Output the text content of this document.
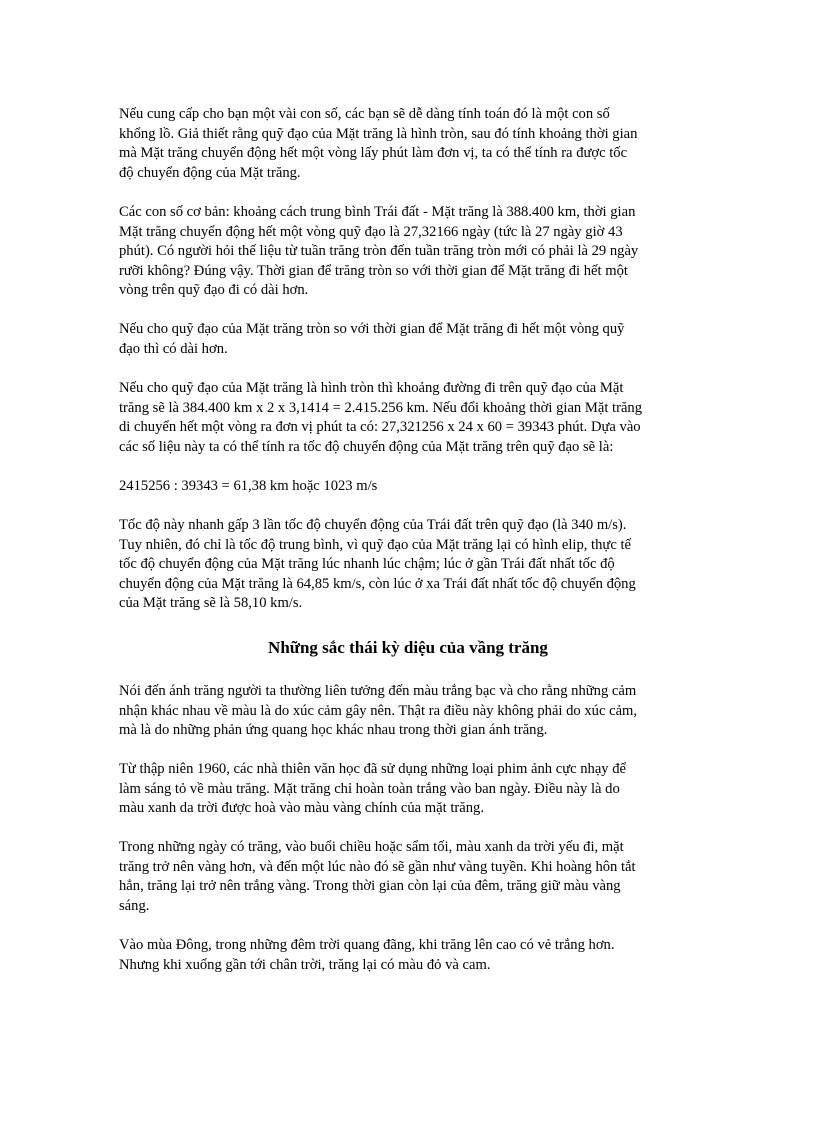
Nếu cung cấp cho bạn một vài con số, các bạn sẽ dễ dàng tính toán đó là một con số
khổng lồ. Giả thiết rằng quỹ đạo của Mặt trăng là hình tròn, sau đó tính khoảng thời gian
mà Mặt trăng chuyển động hết một vòng lấy phút làm đơn vị, ta có thể tính ra được tốc
độ chuyển động của Mặt trăng.
Các con số cơ bản: khoảng cách trung bình Trái đất - Mặt trăng là 388.400 km, thời gian
Mặt trăng chuyển động hết một vòng quỹ đạo là 27,32166 ngày (tức là 27 ngày giờ 43
phút). Có người hỏi thế liệu từ tuần trăng tròn đến tuần trăng tròn mới có phải là 29 ngày
rưỡi không? Đúng vậy. Thời gian để trăng tròn so với thời gian để Mặt trăng đi hết một
vòng trên quỹ đạo đi có dài hơn.
Nếu cho quỹ đạo của Mặt trăng tròn so với thời gian để Mặt trăng đi hết một vòng quỹ
đạo thì có dài hơn.
Nếu cho quỹ đạo của Mặt trăng là hình tròn thì khoảng đường đi trên quỹ đạo của Mặt
trăng sẽ là 384.400 km x 2 x 3,1414 = 2.415.256 km. Nếu đổi khoảng thời gian Mặt trăng
di chuyển hết một vòng ra đơn vị phút ta có: 27,321256 x 24 x 60 = 39343 phút. Dựa vào
các số liệu này ta có thể tính ra tốc độ chuyển động của Mặt trăng trên quỹ đạo sẽ là:
2415256 : 39343 = 61,38 km hoặc 1023 m/s
Tốc độ này nhanh gấp 3 lần tốc độ chuyển động của Trái đất trên quỹ đạo (là 340 m/s).
Tuy nhiên, đó chỉ là tốc độ trung bình, vì quỹ đạo của Mặt trăng lại có hình elip, thực tế
tốc độ chuyển động của Mặt trăng lúc nhanh lúc chậm; lúc ở gần Trái đất nhất tốc độ
chuyển động của Mặt trăng là 64,85 km/s, còn lúc ở xa Trái đất nhất tốc độ chuyển động
của Mặt trăng sẽ là 58,10 km/s.
Nói đến ánh trăng người ta thường liên tưởng đến màu trắng bạc và cho rằng những cảm
nhận khác nhau về màu là do xúc cảm gây nên. Thật ra điều này không phải do xúc cảm,
mà là do những phản ứng quang học khác nhau trong thời gian ánh trăng.
Từ thập niên 1960, các nhà thiên văn học đã sử dụng những loại phim ảnh cực nhạy để
làm sáng tỏ về màu trăng. Mặt trăng chỉ hoàn toàn trắng vào ban ngày. Điều này là do
màu xanh da trời được hoà vào màu vàng chính của mặt trăng.
Trong những ngày có trăng, vào buổi chiều hoặc sẩm tối, màu xanh da trời yếu đi, mặt
trăng trở nên vàng hơn, và đến một lúc nào đó sẽ gần như vàng tuyền. Khi hoàng hôn tắt
hẳn, trăng lại trở nên trắng vàng. Trong thời gian còn lại của đêm, trăng giữ màu vàng
sáng.
Vào mùa Đông, trong những đêm trời quang đãng, khi trăng lên cao có vẻ trắng hơn.
Nhưng khi xuống gần tới chân trời, trăng lại có màu đỏ và cam.
Những sắc thái kỳ diệu của vầng trăng
